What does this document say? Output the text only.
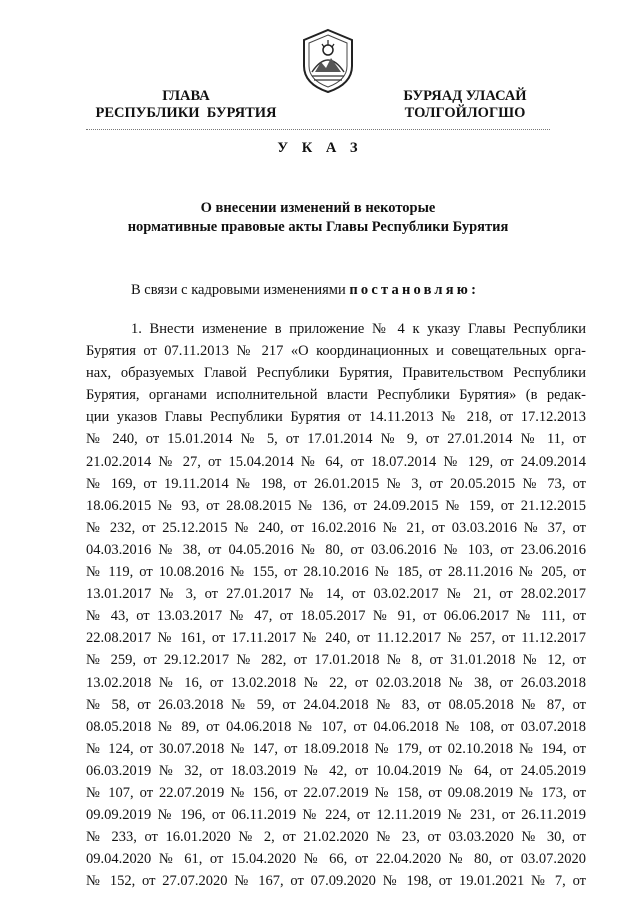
ГЛАВА
РЕСПУБЛИКИ  БУРЯТИЯ
БУРЯАД УЛАСАЙ
ТОЛГОЙЛОГШО
У К А З
О внесении изменений в некоторые
нормативные правовые акты Главы Республики Бурятия
В связи с кадровыми изменениями постановляю:
1. Внести изменение в приложение № 4 к указу Главы Республики
Бурятия от 07.11.2013 № 217 «О координационных и совещательных орга-
нах, образуемых Главой Республики Бурятия, Правительством Республики
Бурятия, органами исполнительной власти Республики Бурятия» (в редак-
ции указов Главы Республики Бурятия от 14.11.2013 № 218, от 17.12.2013
№ 240, от 15.01.2014 № 5, от 17.01.2014 № 9, от 27.01.2014 № 11, от
21.02.2014 № 27, от 15.04.2014 № 64, от 18.07.2014 № 129, от 24.09.2014
№ 169, от 19.11.2014 № 198, от 26.01.2015 № 3, от 20.05.2015 № 73, от
18.06.2015 № 93, от 28.08.2015 № 136, от 24.09.2015 № 159, от 21.12.2015
№ 232, от 25.12.2015 № 240, от 16.02.2016 № 21, от 03.03.2016 № 37, от
04.03.2016 № 38, от 04.05.2016 № 80, от 03.06.2016 № 103, от 23.06.2016
№ 119, от 10.08.2016 № 155, от 28.10.2016 № 185, от 28.11.2016 № 205, от
13.01.2017 № 3, от 27.01.2017 № 14, от 03.02.2017 № 21, от 28.02.2017
№ 43, от 13.03.2017 № 47, от 18.05.2017 № 91, от 06.06.2017 № 111, от
22.08.2017 № 161, от 17.11.2017 № 240, от 11.12.2017 № 257, от 11.12.2017
№ 259, от 29.12.2017 № 282, от 17.01.2018 № 8, от 31.01.2018 № 12, от
13.02.2018 № 16, от 13.02.2018 № 22, от 02.03.2018 № 38, от 26.03.2018
№ 58, от 26.03.2018 № 59, от 24.04.2018 № 83, от 08.05.2018 № 87, от
08.05.2018 № 89, от 04.06.2018 № 107, от 04.06.2018 № 108, от 03.07.2018
№ 124, от 30.07.2018 № 147, от 18.09.2018 № 179, от 02.10.2018 № 194, от
06.03.2019 № 32, от 18.03.2019 № 42, от 10.04.2019 № 64, от 24.05.2019
№ 107, от 22.07.2019 № 156, от 22.07.2019 № 158, от 09.08.2019 № 173, от
09.09.2019 № 196, от 06.11.2019 № 224, от 12.11.2019 № 231, от 26.11.2019
№ 233, от 16.01.2020 № 2, от 21.02.2020 № 23, от 03.03.2020 № 30, от
09.04.2020 № 61, от 15.04.2020 № 66, от 22.04.2020 № 80, от 03.07.2020
№ 152, от 27.07.2020 № 167, от 07.09.2020 № 198, от 19.01.2021 № 7, от
